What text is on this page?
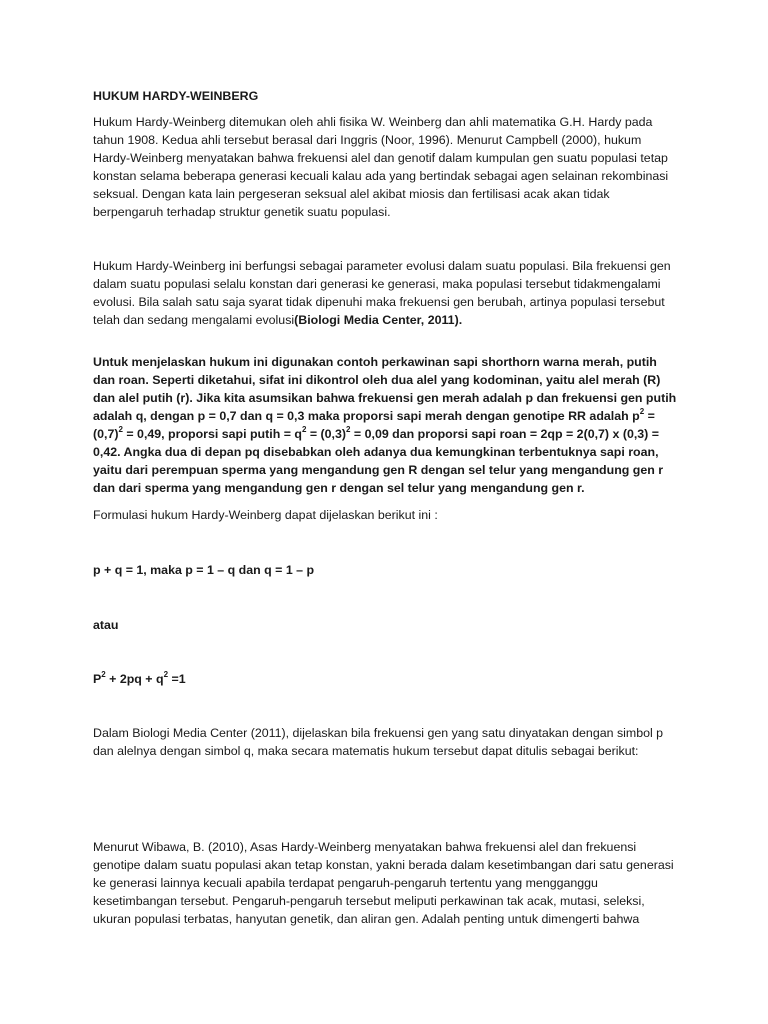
HUKUM HARDY-WEINBERG

Hukum Hardy-Weinberg ditemukan oleh ahli fisika W. Weinberg dan ahli matematika G.H. Hardy pada tahun 1908. Kedua ahli tersebut berasal dari Inggris (Noor, 1996). Menurut Campbell (2000), hukum Hardy-Weinberg menyatakan bahwa frekuensi alel dan genotif dalam kumpulan gen suatu populasi tetap konstan selama beberapa generasi kecuali kalau ada yang bertindak sebagai agen selainan rekombinasi seksual. Dengan kata lain pergeseran seksual alel akibat miosis dan fertilisasi acak akan tidak berpengaruh terhadap struktur genetik suatu populasi.

Hukum Hardy-Weinberg ini berfungsi sebagai parameter evolusi dalam suatu populasi. Bila frekuensi gen dalam suatu populasi selalu konstan dari generasi ke generasi, maka populasi tersebut tidakmengalami evolusi. Bila salah satu saja syarat tidak dipenuhi maka frekuensi gen berubah, artinya populasi tersebut telah dan sedang mengalami evolusi(Biologi Media Center, 2011).

Untuk menjelaskan hukum ini digunakan contoh perkawinan sapi shorthorn warna merah, putih dan roan. Seperti diketahui, sifat ini dikontrol oleh dua alel yang kodominan, yaitu alel merah (R) dan alel putih (r). Jika kita asumsikan bahwa frekuensi gen merah adalah p dan frekuensi gen putih adalah q, dengan p = 0,7 dan q = 0,3 maka proporsi sapi merah dengan genotipe RR adalah $p^2 = (0,7)^2 = 0,49$, proporsi sapi putih = $q^2 = (0,3)^2 = 0,09$ dan proporsi sapi roan = 2qp = 2(0,7) x (0,3) = 0,42. Angka dua di depan pq disebabkan oleh adanya dua kemungkinan terbentuknya sapi roan, yaitu dari perempuan sperma yang mengandung gen R dengan sel telur yang mengandung gen r dan dari sperma yang mengandung gen r dengan sel telur yang mengandung gen r.

Formulasi hukum Hardy-Weinberg dapat dijelaskan berikut ini :

p + q = 1, maka p = 1 – q dan q = 1 – p

atau

$P^2 + 2pq + q^2 =1$

Dalam Biologi Media Center (2011), dijelaskan bila frekuensi gen yang satu dinyatakan dengan simbol p dan alelnya dengan simbol q, maka secara matematis hukum tersebut dapat ditulis sebagai berikut:

Menurut Wibawa, B. (2010), Asas Hardy-Weinberg menyatakan bahwa frekuensi alel dan frekuensi genotipe dalam suatu populasi akan tetap konstan, yakni berada dalam kesetimbangan dari satu generasi ke generasi lainnya kecuali apabila terdapat pengaruh-pengaruh tertentu yang mengganggu kesetimbangan tersebut. Pengaruh-pengaruh tersebut meliputi perkawinan tak acak, mutasi, seleksi, ukuran populasi terbatas, hanyutan genetik, dan aliran gen. Adalah penting untuk dimengerti bahwa
